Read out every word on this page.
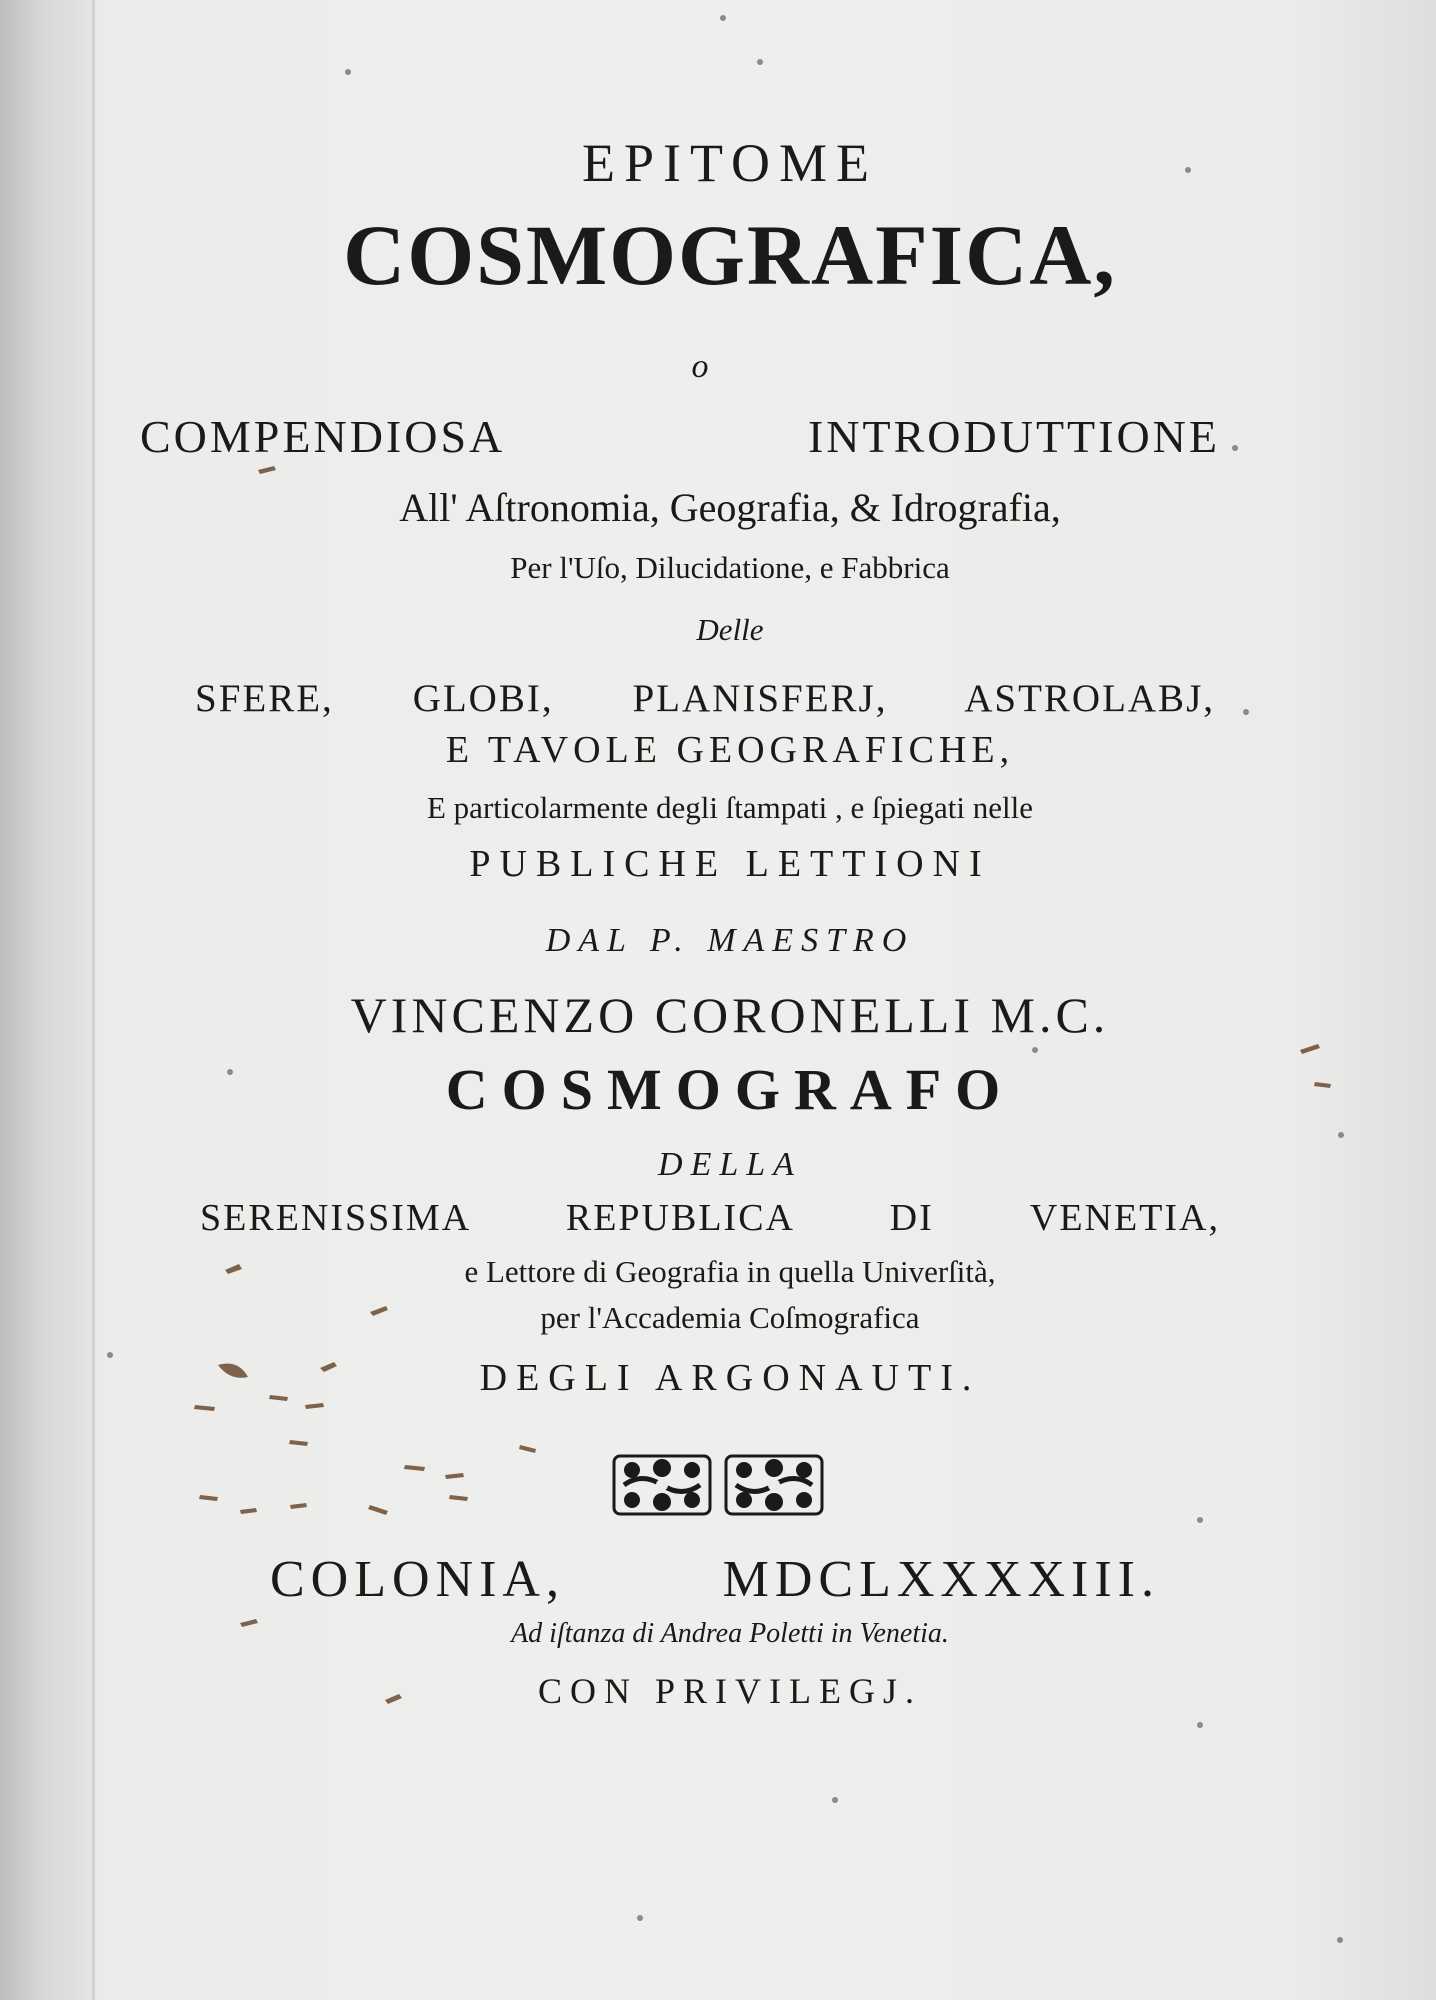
EPITOME

COSMOGRAFICA,

o

COMPENDIOSA INTRODUTTIONE

All' Aſtronomia, Geografia, & Idrografia,

Per l'Uſo, Dilucidatione, e Fabbrica

Delle

SFERE, GLOBI, PLANISFERJ, ASTROLABJ,

E TAVOLE GEOGRAFICHE,

E particolarmente degli ſtampati , e ſpiegati nelle

PUBLICHE LETTIONI

DAL P. MAESTRO

VINCENZO CORONELLI M.C.

COSMOGRAFO

DELLA

SERENISSIMA REPUBLICA DI VENETIA,

e Lettore di Geografia in quella Univerſità,

per l'Accademia Coſmografica

DEGLI ARGONAUTI.

COLONIA, MDCLXXXXIII.

Ad iſtanza di Andrea Poletti in Venetia.

CON PRIVILEGJ.
